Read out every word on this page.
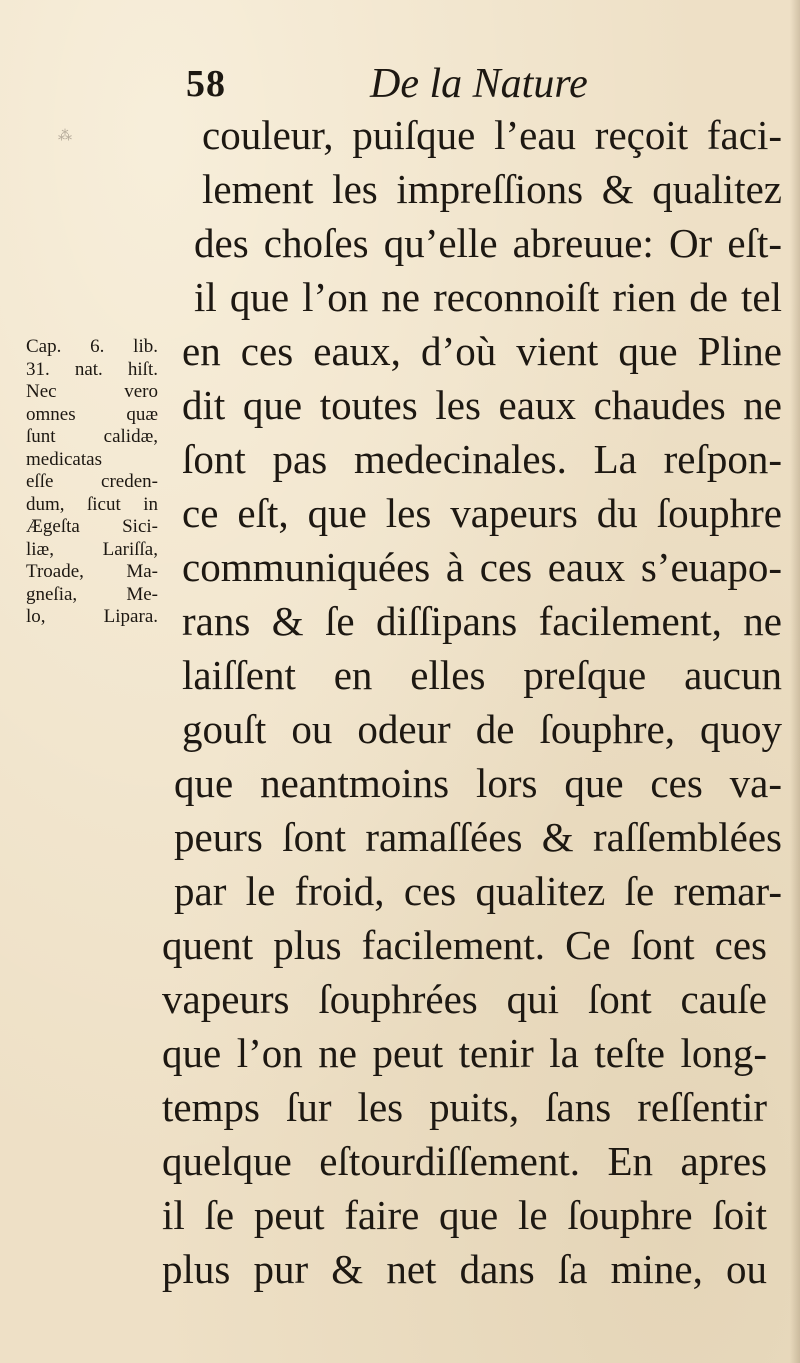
⁂
58	De la Nature
couleur, puiſque l’eau reçoit faci-
lement les impreſſions & qualitez
des choſes qu’elle abreuue: Or eſt-
il que l’on ne reconnoiſt rien de tel
en ces eaux, d’où vient que Pline
dit que toutes les eaux chaudes ne
ſont pas medecinales. La reſpon-
ce eſt, que les vapeurs du ſouphre
communiquées à ces eaux s’euapo-
rans & ſe diſſipans facilement, ne
laiſſent en elles preſque aucun
gouſt ou odeur de ſouphre, quoy
que neantmoins lors que ces va-
peurs ſont ramaſſées & raſſemblées
par le froid, ces qualitez ſe remar-
quent plus facilement. Ce ſont ces
vapeurs ſouphrées qui ſont cauſe
que l’on ne peut tenir la teſte long-
temps ſur les puits, ſans reſſentir
quelque eſtourdiſſement. En apres
il ſe peut faire que le ſouphre ſoit
plus pur & net dans ſa mine, ou
Cap. 6. lib.
31. nat. hiſt.
Nec vero
omnes quæ
ſunt calidæ,
medicatas
eſſe creden-
dum, ſicut in
Ægeſta Sici-
liæ, Lariſſa,
Troade, Ma-
gneſia, Me-
lo, Lipara.
